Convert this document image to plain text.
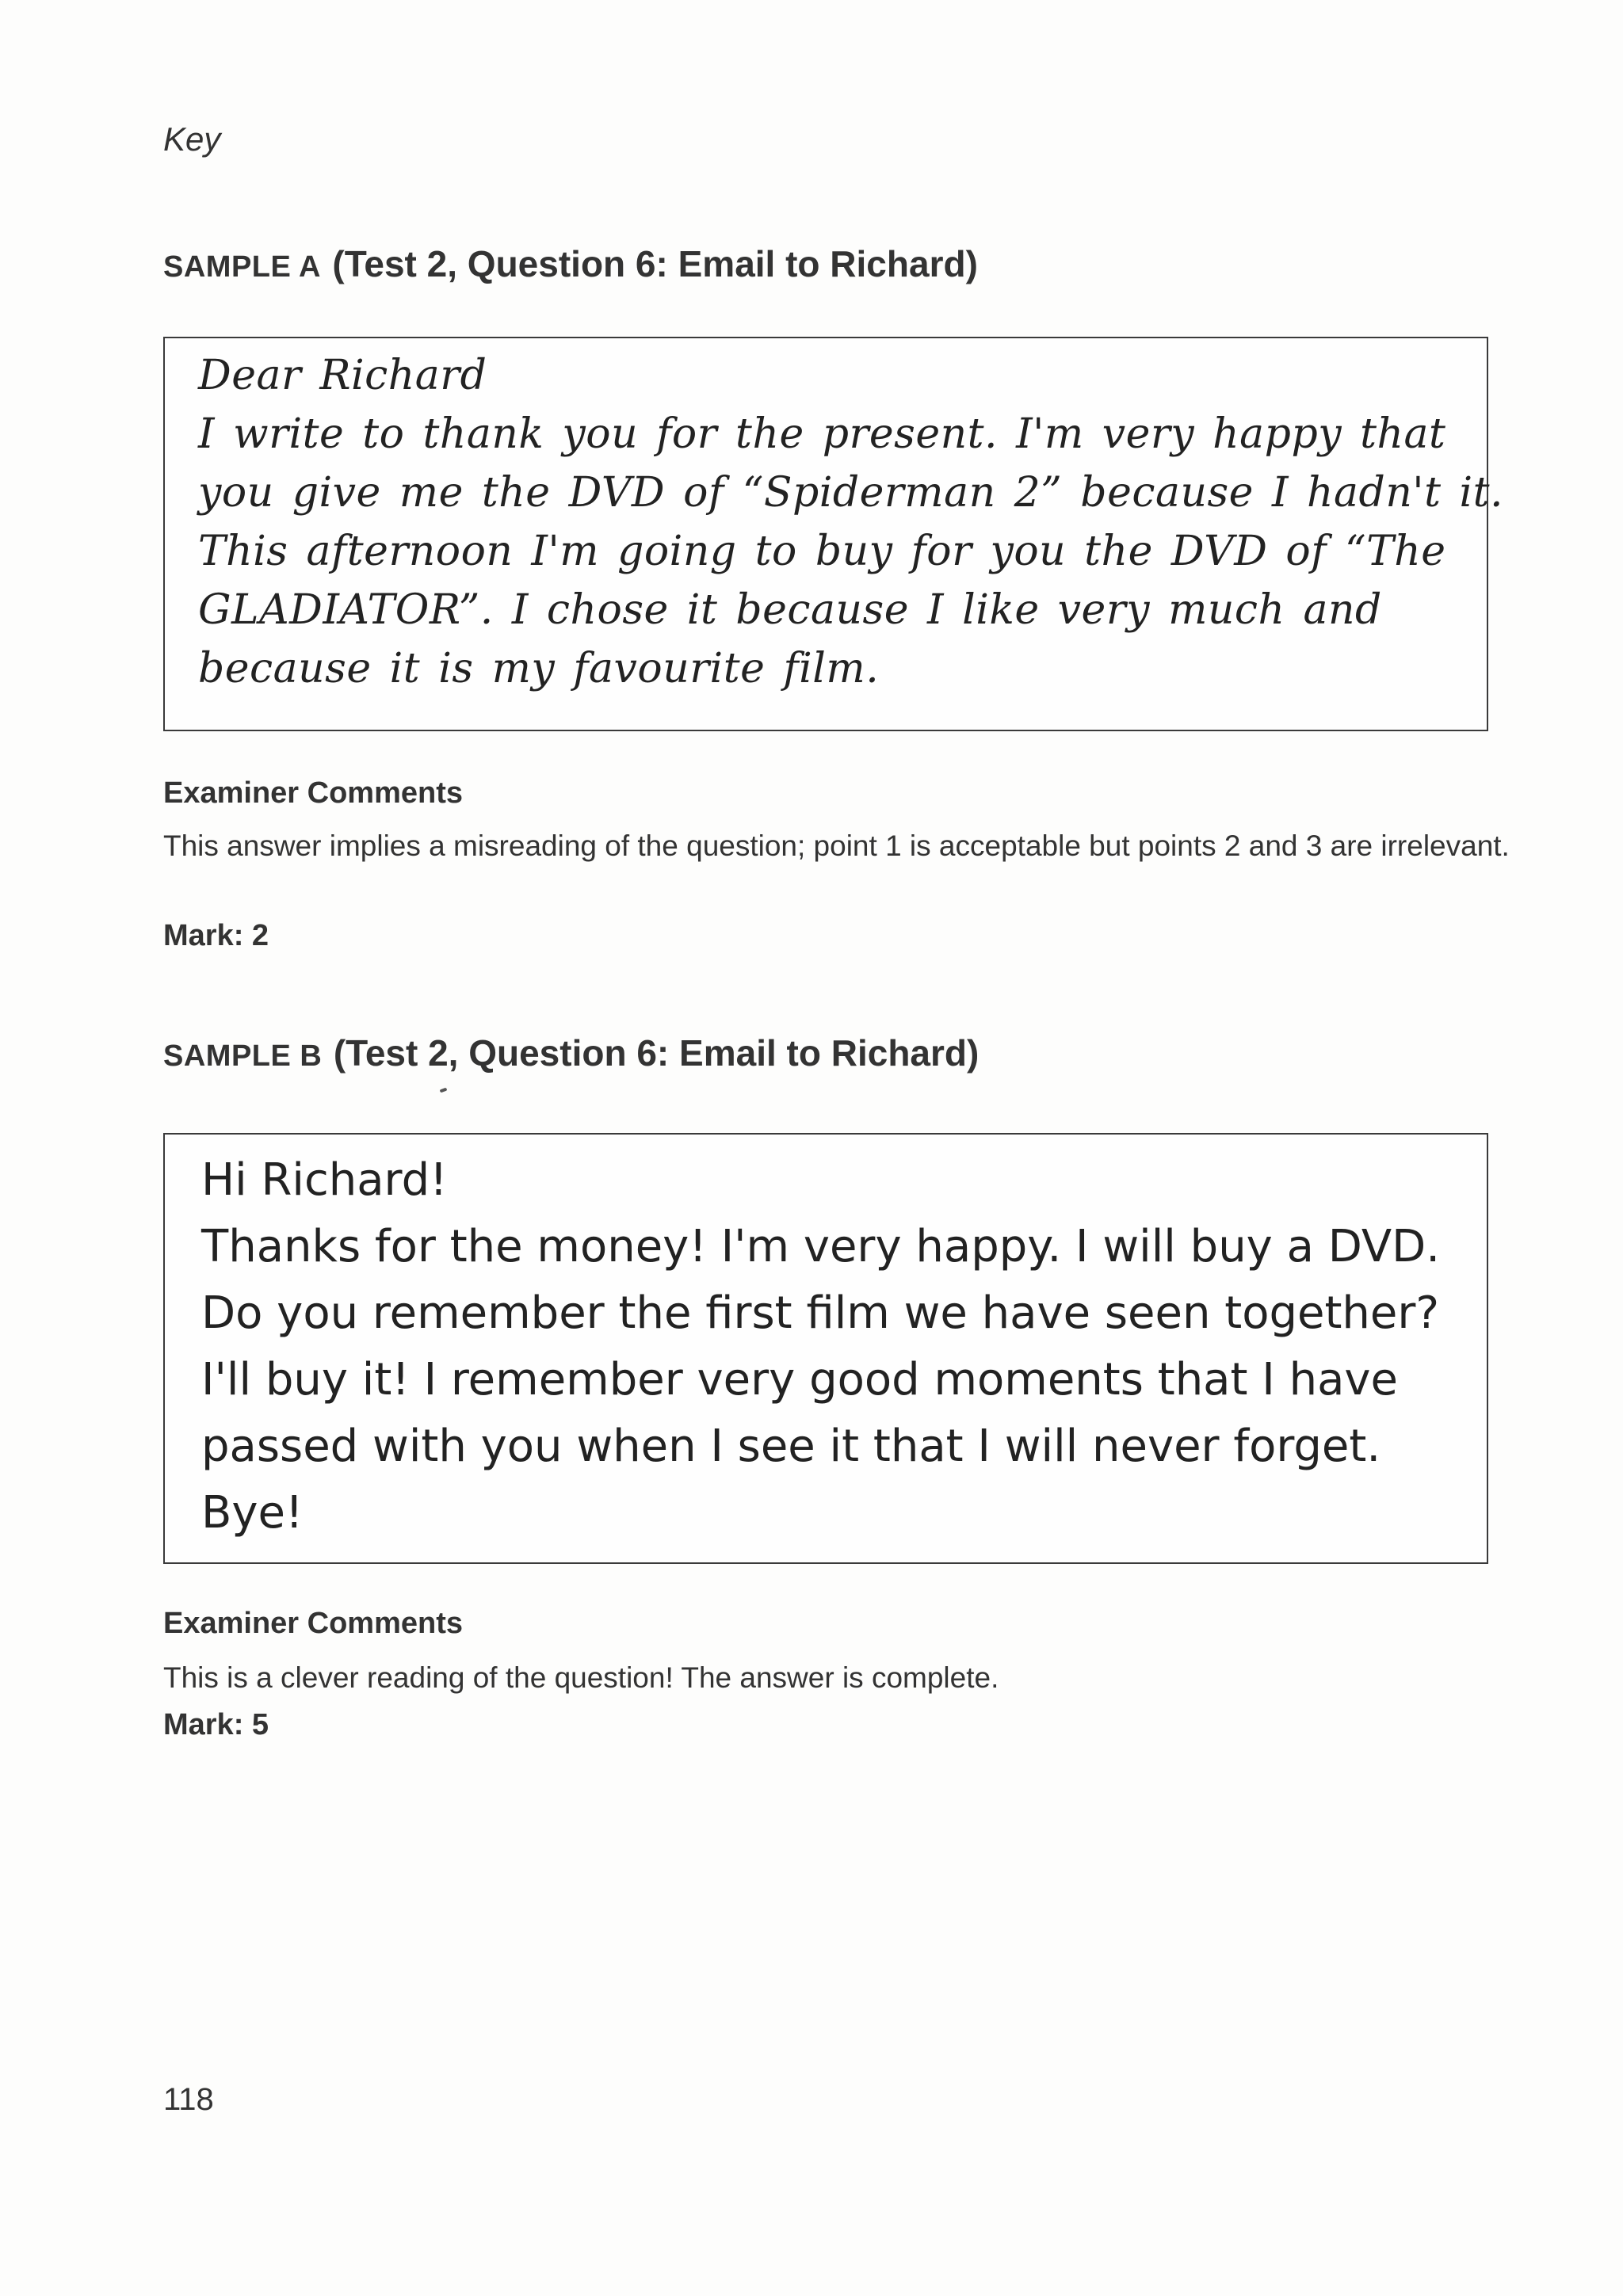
Key
SAMPLE A (Test 2, Question 6: Email to Richard)
Dear Richard
I write to thank you for the present. I'm very happy that
you give me the DVD of “Spiderman 2” because I hadn't it.
This afternoon I'm going to buy for you the DVD of “The
GLADIATOR”. I chose it because I like very much and
because it is my favourite film.
Examiner Comments
This answer implies a misreading of the question; point 1 is acceptable but points 2 and 3 are irrelevant.
Mark: 2
SAMPLE B (Test 2, Question 6: Email to Richard)
Hi Richard!
Thanks for the money! I'm very happy. I will buy a DVD.
Do you remember the first film we have seen together?
I'll buy it! I remember very good moments that I have
passed with you when I see it that I will never forget.
Bye!
Examiner Comments
This is a clever reading of the question! The answer is complete.
Mark: 5
118
